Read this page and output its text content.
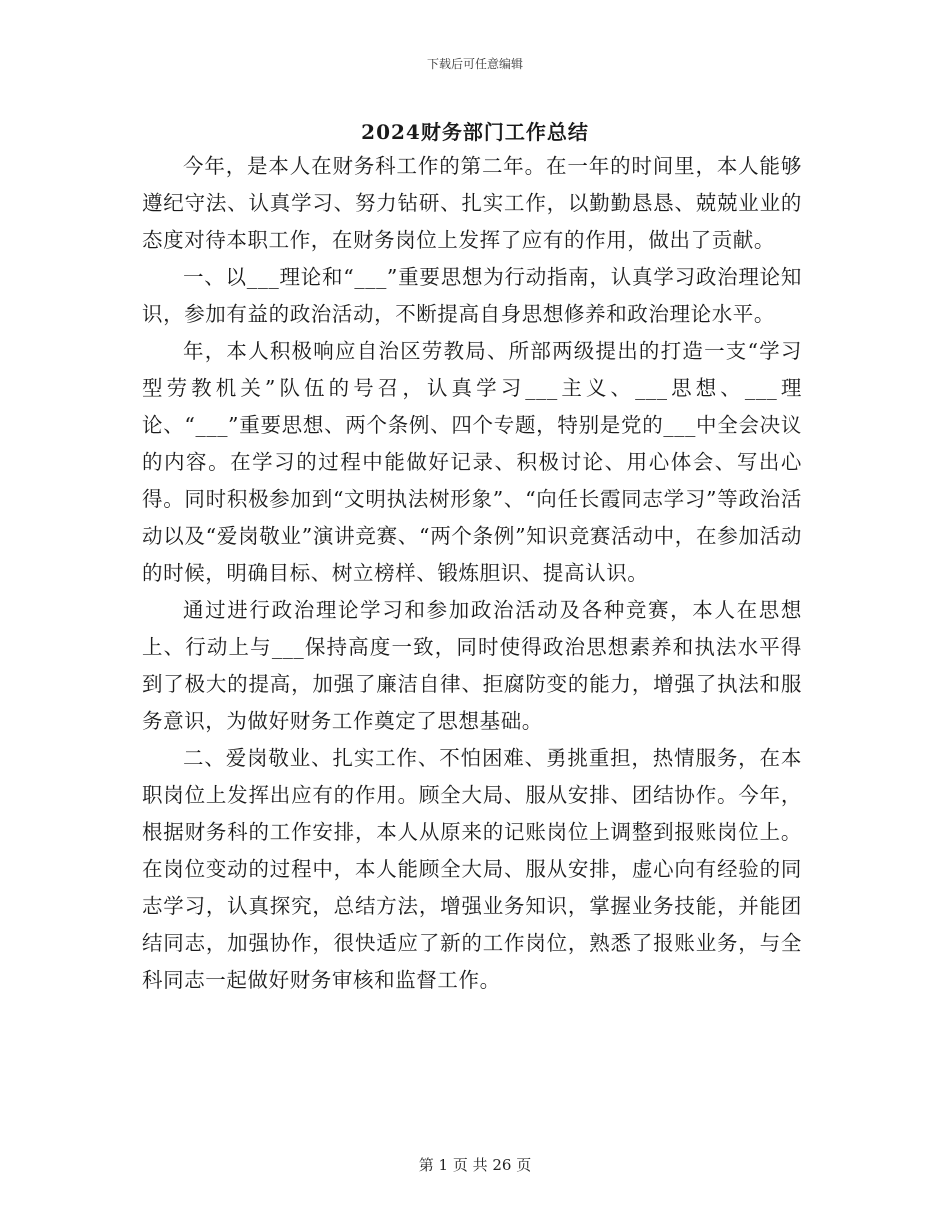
下载后可任意编辑
2024财务部门工作总结

今年，是本人在财务科工作的第二年。在一年的时间里，本人能够遵纪守法、认真学习、努力钻研、扎实工作，以勤勤恳恳、兢兢业业的态度对待本职工作，在财务岗位上发挥了应有的作用，做出了贡献。

一、以___理论和“___”重要思想为行动指南，认真学习政治理论知识，参加有益的政治活动，不断提高自身思想修养和政治理论水平。

年，本人积极响应自治区劳教局、所部两级提出的打造一支“学习型劳教机关”队伍的号召，认真学习___主义、___思想、___理论、“___”重要思想、两个条例、四个专题，特别是党的___中全会决议的内容。在学习的过程中能做好记录、积极讨论、用心体会、写出心得。同时积极参加到“文明执法树形象”、“向任长霞同志学习”等政治活动以及“爱岗敬业”演讲竞赛、“两个条例”知识竞赛活动中，在参加活动的时候，明确目标、树立榜样、锻炼胆识、提高认识。

通过进行政治理论学习和参加政治活动及各种竞赛，本人在思想上、行动上与___保持高度一致，同时使得政治思想素养和执法水平得到了极大的提高，加强了廉洁自律、拒腐防变的能力，增强了执法和服务意识，为做好财务工作奠定了思想基础。

二、爱岗敬业、扎实工作、不怕困难、勇挑重担，热情服务，在本职岗位上发挥出应有的作用。顾全大局、服从安排、团结协作。今年，根据财务科的工作安排，本人从原来的记账岗位上调整到报账岗位上。在岗位变动的过程中，本人能顾全大局、服从安排，虚心向有经验的同志学习，认真探究，总结方法，增强业务知识，掌握业务技能，并能团结同志，加强协作，很快适应了新的工作岗位，熟悉了报账业务，与全科同志一起做好财务审核和监督工作。

第 1 页 共 26 页
